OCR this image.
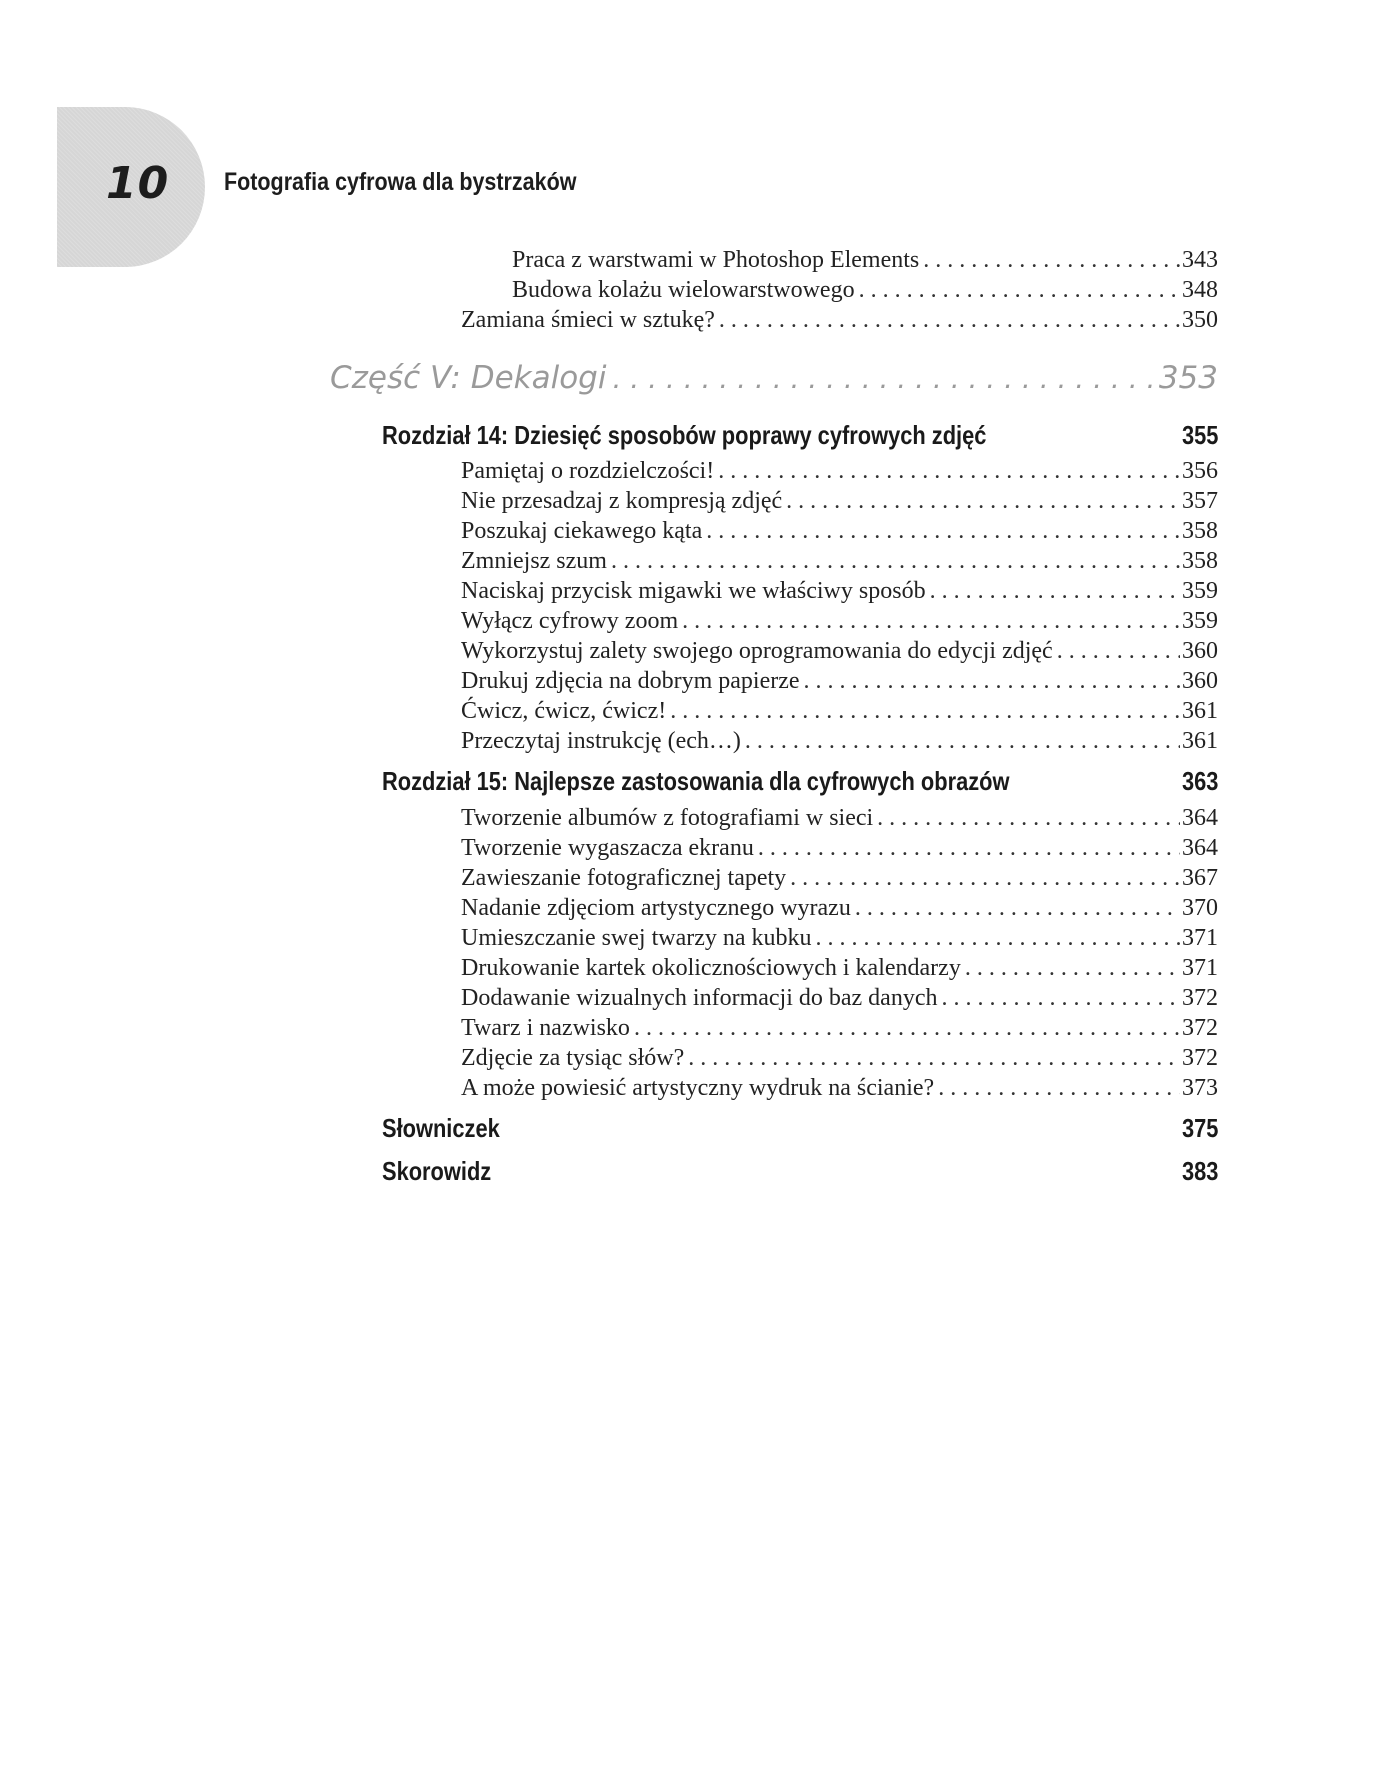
10 Fotografia cyfrowa dla bystrzaków
Praca z warstwami w Photoshop Elements . . .	343
Budowa kolażu wielowarstwowego . . .	348
Zamiana śmieci w sztukę? . . .	350
Część V: Dekalogi . . .	353
Rozdział 14: Dziesięć sposobów poprawy cyfrowych zdjęć	355
Pamiętaj o rozdzielczości! . . .	356
Nie przesadzaj z kompresją zdjęć . . .	357
Poszukaj ciekawego kąta . . .	358
Zmniejsz szum . . .	358
Naciskaj przycisk migawki we właściwy sposób . . .	359
Wyłącz cyfrowy zoom . . .	359
Wykorzystuj zalety swojego oprogramowania do edycji zdjęć . . .	360
Drukuj zdjęcia na dobrym papierze . . .	360
Ćwicz, ćwicz, ćwicz! . . .	361
Przeczytaj instrukcję (ech…) . . .	361
Rozdział 15: Najlepsze zastosowania dla cyfrowych obrazów	363
Tworzenie albumów z fotografiami w sieci . . .	364
Tworzenie wygaszacza ekranu . . .	364
Zawieszanie fotograficznej tapety . . .	367
Nadanie zdjęciom artystycznego wyrazu . . .	370
Umieszczanie swej twarzy na kubku . . .	371
Drukowanie kartek okolicznościowych i kalendarzy . . .	371
Dodawanie wizualnych informacji do baz danych . . .	372
Twarz i nazwisko . . .	372
Zdjęcie za tysiąc słów? . . .	372
A może powiesić artystyczny wydruk na ścianie? . . .	373
Słowniczek	375
Skorowidz	383
